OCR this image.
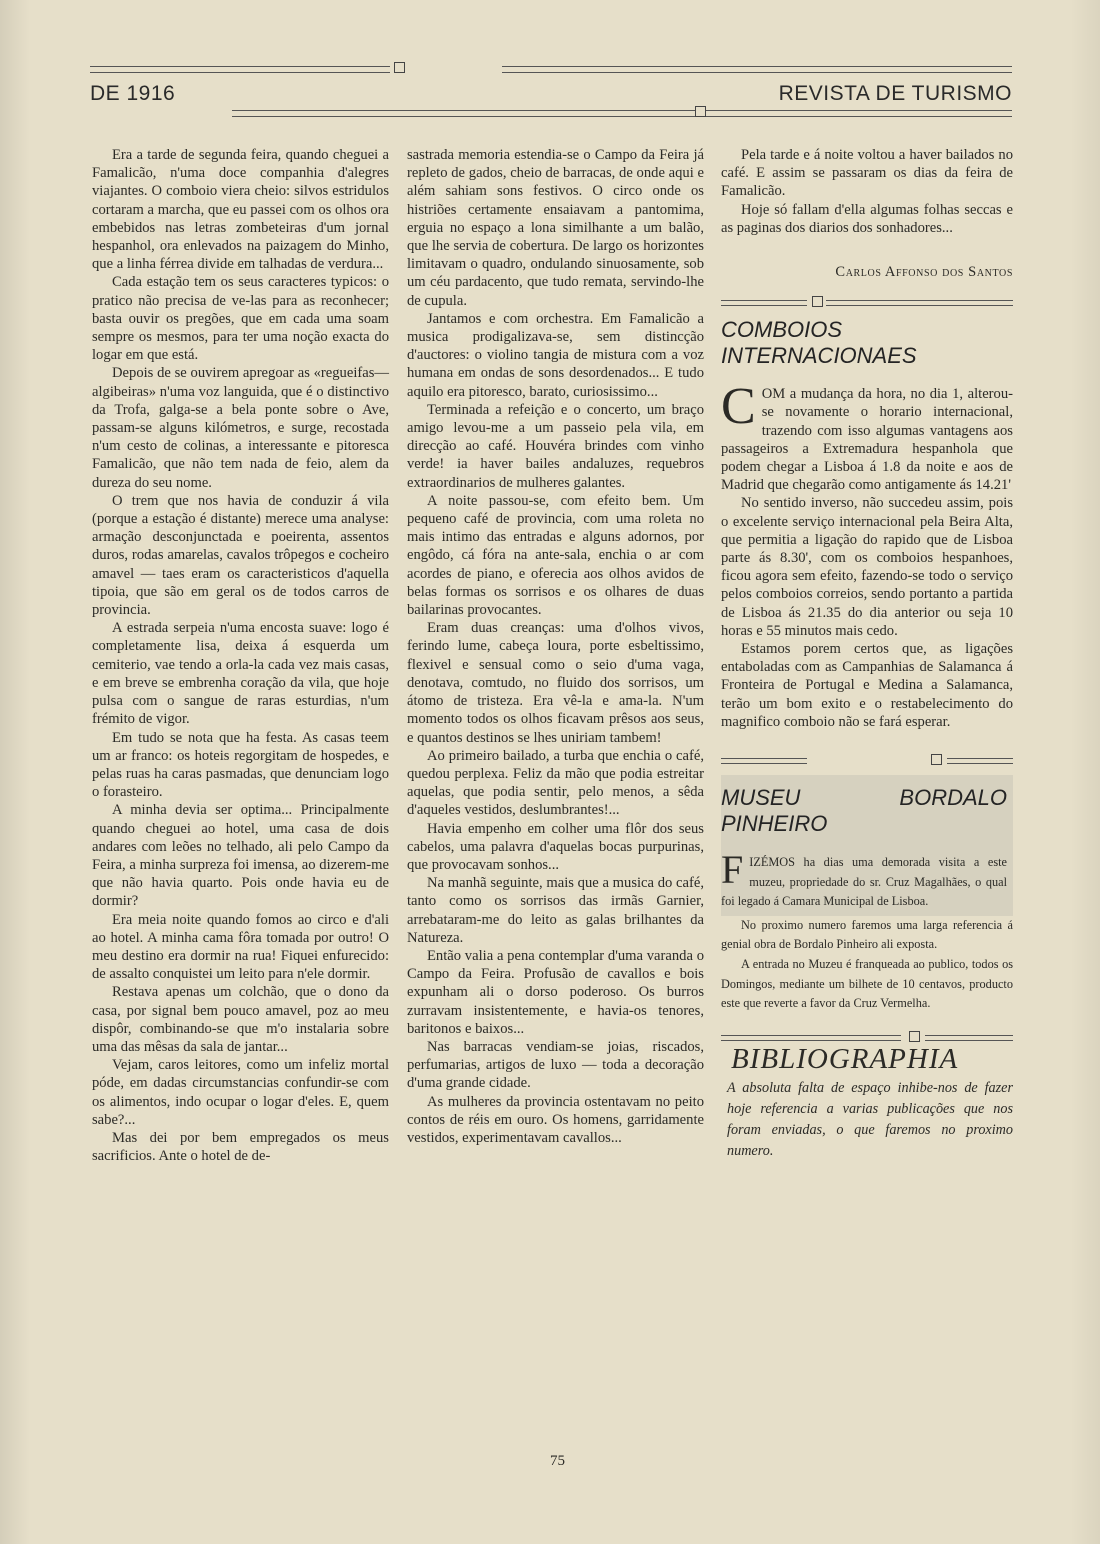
DE 1916	REVISTA DE TURISMO

Era a tarde de segunda feira, quando cheguei a Famalicão, n'uma doce companhia d'alegres viajantes. O comboio viera cheio: silvos estridulos cortaram a marcha, que eu passei com os olhos ora embebidos nas letras zombeteiras d'um jornal hespanhol, ora enlevados na paizagem do Minho, que a linha férrea divide em talhadas de verdura...

Cada estação tem os seus caracteres typicos: o pratico não precisa de ve-las para as reconhecer; basta ouvir os pregões, que em cada uma soam sempre os mesmos, para ter uma noção exacta do logar em que está.

Depois de se ouvirem apregoar as «regueifas—algibeiras» n'uma voz languida, que é o distinctivo da Trofa, galga-se a bela ponte sobre o Ave, passam-se alguns kilómetros, e surge, recostada n'um cesto de colinas, a interessante e pitoresca Famalicão, que não tem nada de feio, alem da dureza do seu nome.

O trem que nos havia de conduzir á vila (porque a estação é distante) merece uma analyse: armação desconjunctada e poeirenta, assentos duros, rodas amarelas, cavalos trôpegos e cocheiro amavel — taes eram os caracteristicos d'aquella tipoia, que são em geral os de todos carros de provincia.

A estrada serpeia n'uma encosta suave: logo é completamente lisa, deixa á esquerda um cemiterio, vae tendo a orla-la cada vez mais casas, e em breve se embrenha coração da vila, que hoje pulsa com o sangue de raras esturdias, n'um frémito de vigor.

Em tudo se nota que ha festa. As casas teem um ar franco: os hoteis regorgitam de hospedes, e pelas ruas ha caras pasmadas, que denunciam logo o forasteiro.

A minha devia ser optima... Principalmente quando cheguei ao hotel, uma casa de dois andares com leões no telhado, ali pelo Campo da Feira, a minha surpreza foi imensa, ao dizerem-me que não havia quarto. Pois onde havia eu de dormir?

Era meia noite quando fomos ao circo e d'ali ao hotel. A minha cama fôra tomada por outro! O meu destino era dormir na rua! Fiquei enfurecido: de assalto conquistei um leito para n'ele dormir.

Restava apenas um colchão, que o dono da casa, por signal bem pouco amavel, poz ao meu dispôr, combinando-se que m'o instalaria sobre uma das mêsas da sala de jantar...

Vejam, caros leitores, como um infeliz mortal póde, em dadas circumstancias confundir-se com os alimentos, indo ocupar o logar d'eles. E, quem sabe?...

Mas dei por bem empregados os meus sacrificios. Ante o hotel de de-

sastrada memoria estendia-se o Campo da Feira já repleto de gados, cheio de barracas, de onde aqui e além sahiam sons festivos. O circo onde os histriões certamente ensaiavam a pantomima, erguia no espaço a lona similhante a um balão, que lhe servia de cobertura. De largo os horizontes limitavam o quadro, ondulando sinuosamente, sob um céu pardacento, que tudo remata, servindo-lhe de cupula.

Jantamos e com orchestra. Em Famalicão a musica prodigalizava-se, sem distincção d'auctores: o violino tangia de mistura com a voz humana em ondas de sons desordenados... E tudo aquilo era pitoresco, barato, curiosissimo...

Terminada a refeição e o concerto, um braço amigo levou-me a um passeio pela vila, em direcção ao café. Houvéra brindes com vinho verde! ia haver bailes andaluzes, requebros extraordinarios de mulheres galantes.

A noite passou-se, com efeito bem. Um pequeno café de provincia, com uma roleta no mais intimo das entradas e alguns adornos, por engôdo, cá fóra na ante-sala, enchia o ar com acordes de piano, e oferecia aos olhos avidos de belas formas os sorrisos e os olhares de duas bailarinas provocantes.

Eram duas creanças: uma d'olhos vivos, ferindo lume, cabeça loura, porte esbeltissimo, flexivel e sensual como o seio d'uma vaga, denotava, comtudo, no fluido dos sorrisos, um átomo de tristeza. Era vê-la e ama-la. N'um momento todos os olhos ficavam prêsos aos seus, e quantos destinos se lhes uniriam tambem!

Ao primeiro bailado, a turba que enchia o café, quedou perplexa. Feliz da mão que podia estreitar aquelas, que podia sentir, pelo menos, a sêda d'aqueles vestidos, deslumbrantes!...

Havia empenho em colher uma flôr dos seus cabelos, uma palavra d'aquelas bocas purpurinas, que provocavam sonhos...

Na manhã seguinte, mais que a musica do café, tanto como os sorrisos das irmãs Garnier, arrebataram-me do leito as galas brilhantes da Natureza.

Então valia a pena contemplar d'uma varanda o Campo da Feira. Profusão de cavallos e bois expunham ali o dorso poderoso. Os burros zurravam insistentemente, e havia-os tenores, baritonos e baixos...

Nas barracas vendiam-se joias, riscados, perfumarias, artigos de luxo — toda a decoração d'uma grande cidade.

As mulheres da provincia ostentavam no peito contos de réis em ouro. Os homens, garridamente vestidos, experimentavam cavallos...

Pela tarde e á noite voltou a haver bailados no café. E assim se passaram os dias da feira de Famalicão.

Hoje só fallam d'ella algumas folhas seccas e as paginas dos diarios dos sonhadores...

Carlos Affonso dos Santos
COMBOIOS INTERNACIONAES

COM a mudança da hora, no dia 1, alterou-se novamente o horario internacional, trazendo com isso algumas vantagens aos passageiros a Extremadura hespanhola que podem chegar a Lisboa á 1.8 da noite e aos de Madrid que chegarão como antigamente ás 14.21'

No sentido inverso, não succedeu assim, pois o excelente serviço internacional pela Beira Alta, que permitia a ligação do rapido que de Lisboa parte ás 8.30', com os comboios hespanhoes, ficou agora sem efeito, fazendo-se todo o serviço pelos comboios correios, sendo portanto a partida de Lisboa ás 21.35 do dia anterior ou seja 10 horas e 55 minutos mais cedo.

Estamos porem certos que, as ligações entaboladas com as Campanhias de Salamanca á Fronteira de Portugal e Medina a Salamanca, terão um bom exito e o restabelecimento do magnifico comboio não se fará esperar.

MUSEU BORDALO PINHEIRO

FIZÉMOS ha dias uma demorada visita a este muzeu, propriedade do sr. Cruz Magalhães, o qual foi legado á Camara Municipal de Lisboa.

No proximo numero faremos uma larga referencia á genial obra de Bordalo Pinheiro ali exposta.

A entrada no Muzeu é franqueada ao publico, todos os Domingos, mediante um bilhete de 10 centavos, producto este que reverte a favor da Cruz Vermelha.

BIBLIOGRAPHIA
A absoluta falta de espaço inhibe-nos de fazer hoje referencia a varias publicações que nos foram enviadas, o que faremos no proximo numero.
75
